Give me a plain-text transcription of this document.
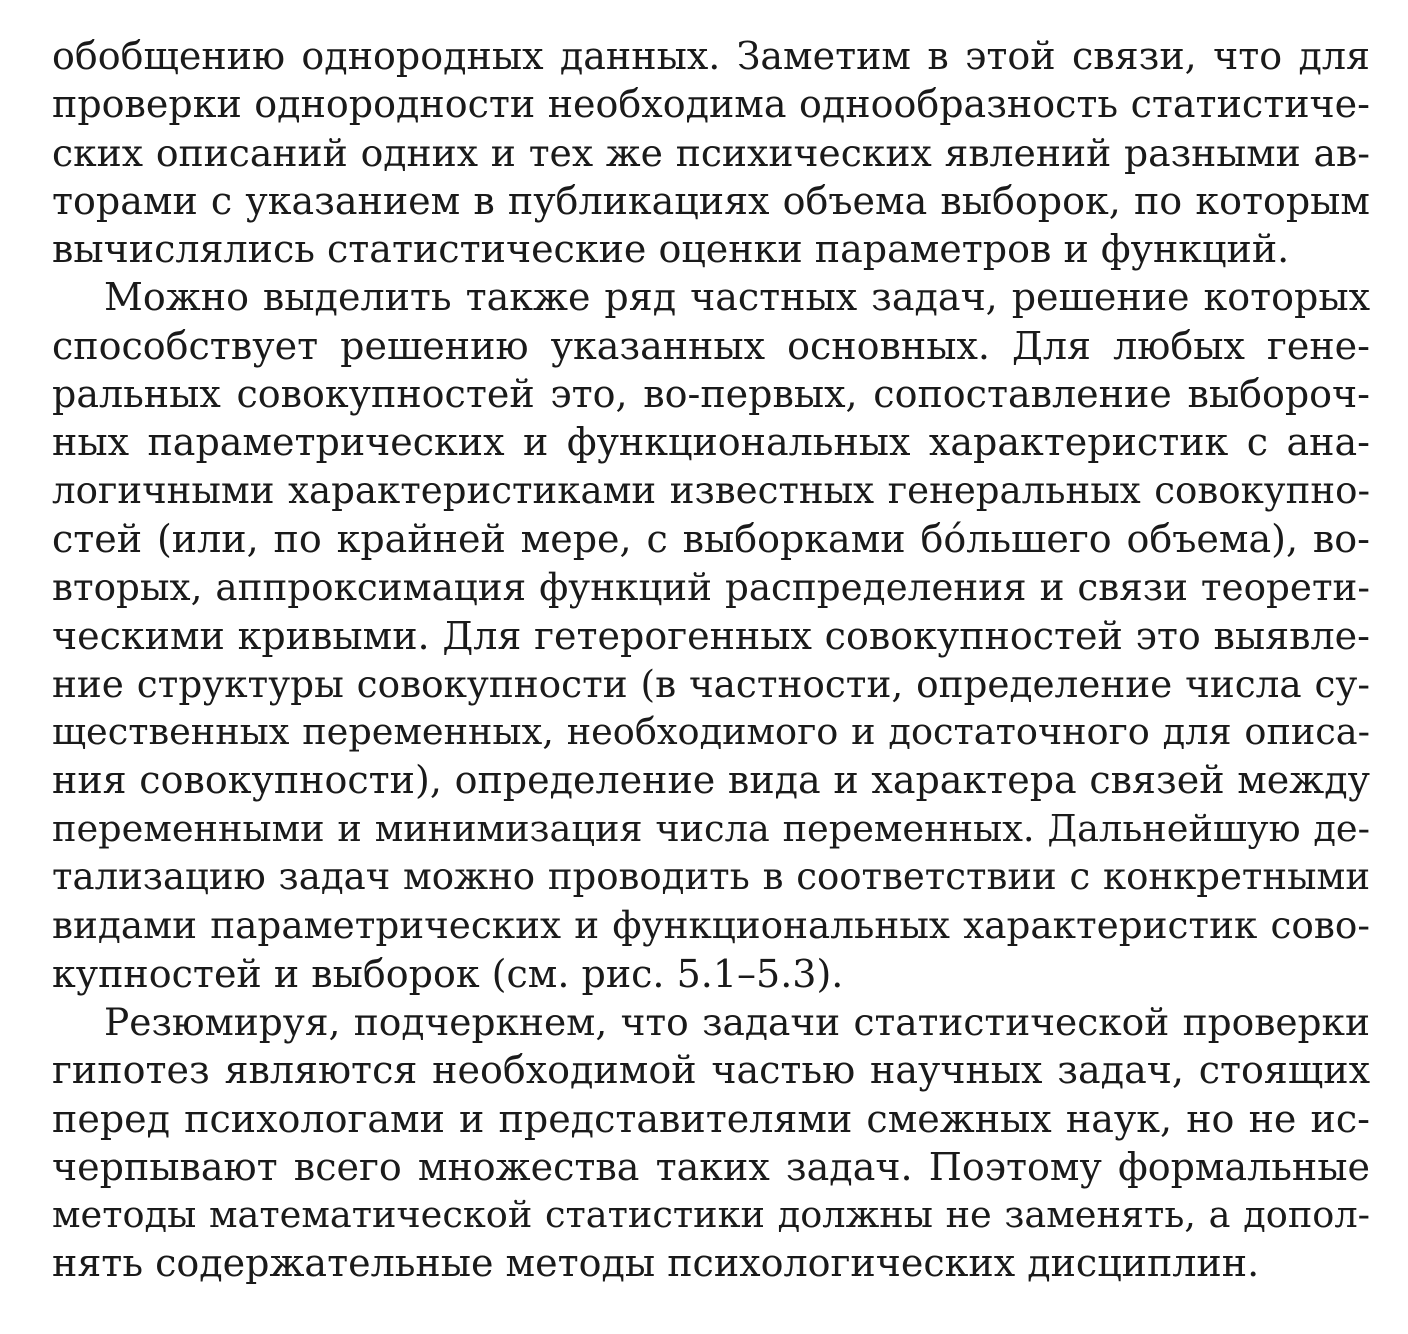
обобщению однородных данных. Заметим в этой связи, что для
проверки однородности необходима однообразность статистиче-
ских описаний одних и тех же психических явлений разными ав-
торами с указанием в публикациях объема выборок, по которым
вычислялись статистические оценки параметров и функций.
Можно выделить также ряд частных задач, решение которых
способствует решению указанных основных. Для любых гене-
ральных совокупностей это, во-первых, сопоставление выбороч-
ных параметрических и функциональных характеристик с ана-
логичными характеристиками известных генеральных совокупно-
стей (или, по крайней мере, с выборками бо́льшего объема), во-
вторых, аппроксимация функций распределения и связи теорети-
ческими кривыми. Для гетерогенных совокупностей это выявле-
ние структуры совокупности (в частности, определение числа су-
щественных переменных, необходимого и достаточного для описа-
ния совокупности), определение вида и характера связей между
переменными и минимизация числа переменных. Дальнейшую де-
тализацию задач можно проводить в соответствии с конкретными
видами параметрических и функциональных характеристик сово-
купностей и выборок (см. рис. 5.1–5.3).
Резюмируя, подчеркнем, что задачи статистической проверки
гипотез являются необходимой частью научных задач, стоящих
перед психологами и представителями смежных наук, но не ис-
черпывают всего множества таких задач. Поэтому формальные
методы математической статистики должны не заменять, а допол-
нять содержательные методы психологических дисциплин.
